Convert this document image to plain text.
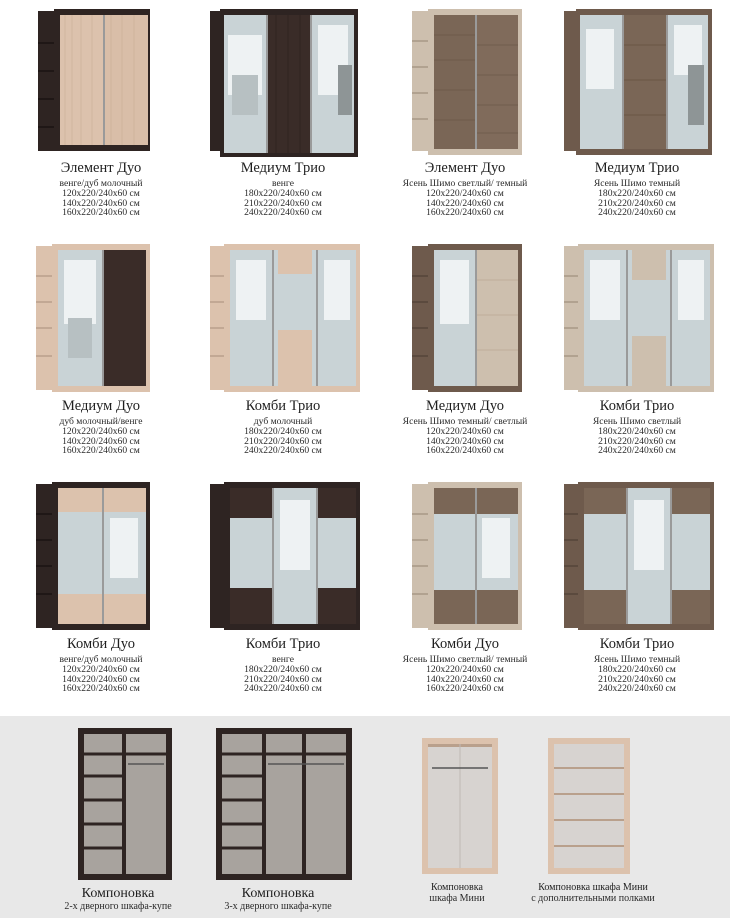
Элемент Дуо
венге/дуб молочный
120x220/240x60 см
140x220/240x60 см
160x220/240x60 см
Медиум Трио
венге
180x220/240x60 см
210x220/240x60 см
240x220/240x60 см
Элемент Дуо
Ясень Шимо светлый/ темный
120x220/240x60 см
140x220/240x60 см
160x220/240x60 см
Медиум Трио
Ясень Шимо темный
180x220/240x60 см
210x220/240x60 см
240x220/240x60 см
Медиум Дуо
дуб молочный/венге
120x220/240x60 см
140x220/240x60 см
160x220/240x60 см
Комби Трио
дуб молочный
180x220/240x60 см
210x220/240x60 см
240x220/240x60 см
Медиум Дуо
Ясень Шимо темный/ светлый
120x220/240x60 см
140x220/240x60 см
160x220/240x60 см
Комби Трио
Ясень Шимо светлый
180x220/240x60 см
210x220/240x60 см
240x220/240x60 см
Комби Дуо
венге/дуб молочный
120x220/240x60 см
140x220/240x60 см
160x220/240x60 см
Комби Трио
венге
180x220/240x60 см
210x220/240x60 см
240x220/240x60 см
Комби Дуо
Ясень Шимо светлый/ темный
120x220/240x60 см
140x220/240x60 см
160x220/240x60 см
Комби Трио
Ясень Шимо темный
180x220/240x60 см
210x220/240x60 см
240x220/240x60 см
Компоновка
2-х дверного шкафа-купе
Компоновка
3-х дверного шкафа-купе
Компоновка
шкафа Мини
Компоновка шкафа Мини
с дополнительными полками
